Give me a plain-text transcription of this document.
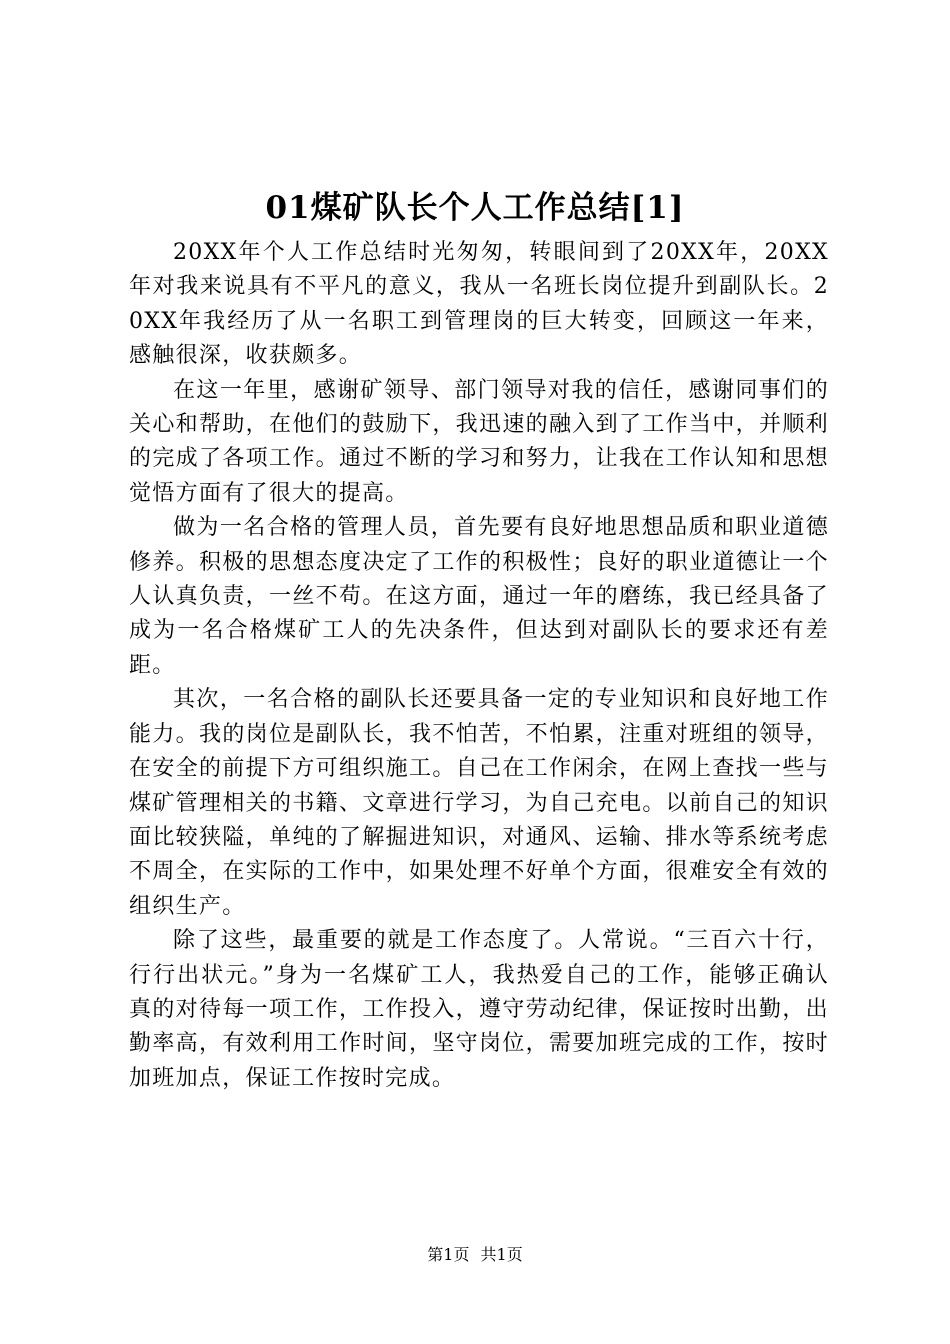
01煤矿队长个人工作总结[1]

20XX年个人工作总结时光匆匆，转眼间到了20XX年，20XX年对我来说具有不平凡的意义，我从一名班长岗位提升到副队长。20XX年我经历了从一名职工到管理岗的巨大转变，回顾这一年来，感触很深，收获颇多。

在这一年里，感谢矿领导、部门领导对我的信任，感谢同事们的关心和帮助，在他们的鼓励下，我迅速的融入到了工作当中，并顺利的完成了各项工作。通过不断的学习和努力，让我在工作认知和思想觉悟方面有了很大的提高。

做为一名合格的管理人员，首先要有良好地思想品质和职业道德修养。积极的思想态度决定了工作的积极性；良好的职业道德让一个人认真负责，一丝不苟。在这方面，通过一年的磨练，我已经具备了成为一名合格煤矿工人的先决条件，但达到对副队长的要求还有差距。

其次，一名合格的副队长还要具备一定的专业知识和良好地工作能力。我的岗位是副队长，我不怕苦，不怕累，注重对班组的领导，在安全的前提下方可组织施工。自己在工作闲余，在网上查找一些与煤矿管理相关的书籍、文章进行学习，为自己充电。以前自己的知识面比较狭隘，单纯的了解掘进知识，对通风、运输、排水等系统考虑不周全，在实际的工作中，如果处理不好单个方面，很难安全有效的组织生产。

除了这些，最重要的就是工作态度了。人常说。“三百六十行，行行出状元。”身为一名煤矿工人，我热爱自己的工作，能够正确认真的对待每一项工作，工作投入，遵守劳动纪律，保证按时出勤，出勤率高，有效利用工作时间，坚守岗位，需要加班完成的工作，按时加班加点，保证工作按时完成。

第1页 共1页
